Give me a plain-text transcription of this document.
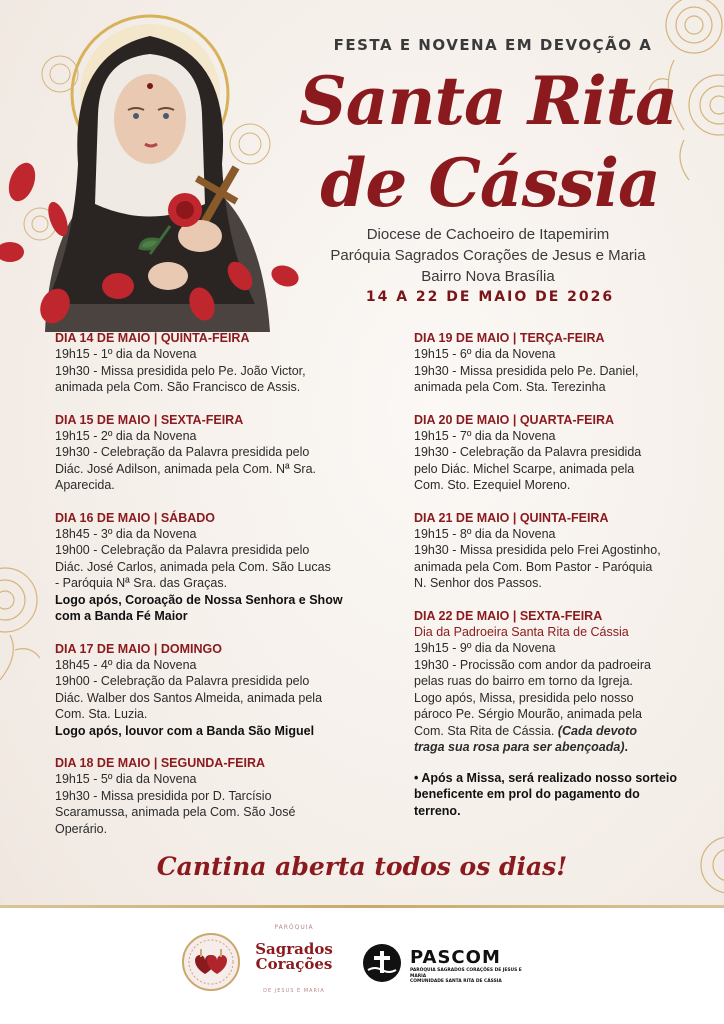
FESTA E NOVENA EM DEVOÇÃO A
Santa Rita
de Cássia
Diocese de Cachoeiro de Itapemirim
Paróquia Sagrados Corações de Jesus e Maria
Bairro Nova Brasília
14 A 22 DE MAIO DE 2026
DIA 14 DE MAIO | QUINTA-FEIRA
19h15 - 1º dia da Novena
19h30 - Missa presidida pelo Pe. João Victor,
animada pela Com. São Francisco de Assis.
DIA 15 DE MAIO | SEXTA-FEIRA
19h15 - 2º dia da Novena
19h30 - Celebração da Palavra presidida pelo
Diác. José Adilson, animada pela Com. Nª Sra.
Aparecida.
DIA 16 DE MAIO | SÁBADO
18h45 - 3º dia da Novena
19h00 - Celebração da Palavra presidida pelo
Diác. José Carlos, animada pela Com. São Lucas
- Paróquia Nª Sra. das Graças.
Logo após, Coroação de Nossa Senhora e Show
com a Banda Fé Maior
DIA 17 DE MAIO | DOMINGO
18h45 - 4º dia da Novena
19h00 - Celebração da Palavra presidida pelo
Diác. Walber dos Santos Almeida, animada pela
Com. Sta. Luzia.
Logo após, louvor com a Banda São Miguel
DIA 18 DE MAIO | SEGUNDA-FEIRA
19h15 - 5º dia da Novena
19h30 - Missa presidida por D. Tarcísio
Scaramussa, animada pela Com. São José
Operário.
DIA 19 DE MAIO | TERÇA-FEIRA
19h15 - 6º dia da Novena
19h30 - Missa presidida pelo Pe. Daniel,
animada pela Com. Sta. Terezinha
DIA 20 DE MAIO | QUARTA-FEIRA
19h15 - 7º dia da Novena
19h30 - Celebração da Palavra presidida
pelo Diác. Michel Scarpe, animada pela
Com. Sto. Ezequiel Moreno.
DIA 21 DE MAIO | QUINTA-FEIRA
19h15 - 8º dia da Novena
19h30 - Missa presidida pelo Frei Agostinho,
animada pela Com. Bom Pastor - Paróquia
N. Senhor dos Passos.
DIA 22 DE MAIO | SEXTA-FEIRA
Dia da Padroeira Santa Rita de Cássia
19h15 - 9º dia da Novena
19h30 - Procissão com andor da padroeira
pelas ruas do bairro em torno da Igreja.
Logo após, Missa, presidida pelo nosso
pároco Pe. Sérgio Mourão, animada pela
Com. Sta Rita de Cássia. (Cada devoto
traga sua rosa para ser abençoada).
• Após a Missa, será realizado nosso sorteio
beneficente em prol do pagamento do
terreno.
Cantina aberta todos os dias!
PARÓQUIA
Sagrados
Corações
DE JESUS E MARIA
PASCOM
PARÓQUIA SAGRADOS CORAÇÕES DE JESUS E MARIA
COMUNIDADE SANTA RITA DE CÁSSIA
